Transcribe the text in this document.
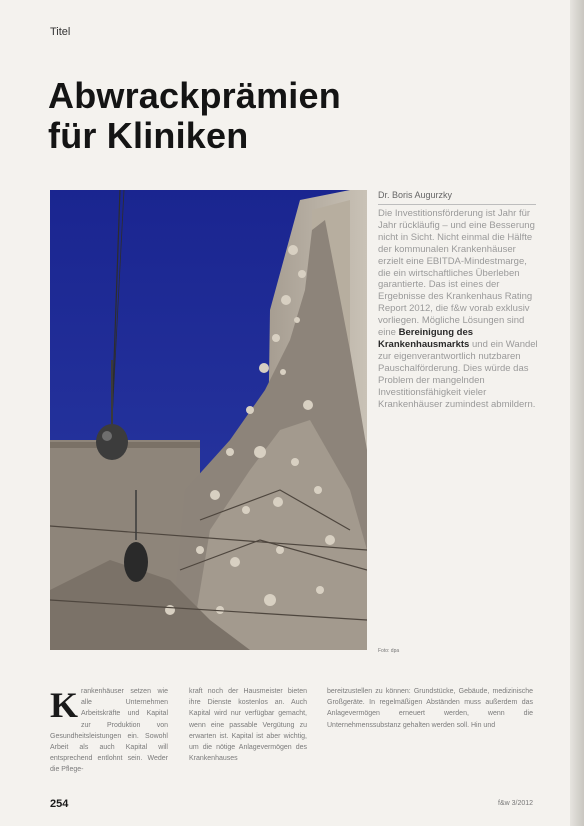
Titel
Abwrackprämien
für Kliniken
Foto: dpa
Dr. Boris Augurzky

Die Investitionsförderung ist Jahr für Jahr rückläufig – und eine Besserung nicht in Sicht. Nicht einmal die Hälfte der kommunalen Krankenhäuser erzielt eine EBITDA-Mindestmarge, die ein wirtschaftliches Überleben garantierte. Das ist eines der Ergebnisse des Krankenhaus Rating Report 2012, die f&w vorab exklusiv vorliegen. Mögliche Lösungen sind eine Bereinigung des Krankenhausmarkts und ein Wandel zur eigenverantwortlich nutzbaren Pauschalförderung. Dies würde das Problem der mangelnden Investitionsfähigkeit vieler Krankenhäuser zumindest abmildern.

Krankenhäuser setzen wie alle Unternehmen Arbeitskräfte und Kapital zur Produktion von Gesundheitsleistungen ein. Sowohl Arbeit als auch Kapital will entsprechend entlohnt sein. Weder die Pflege-

kraft noch der Hausmeister bieten ihre Dienste kostenlos an. Auch Kapital wird nur verfügbar gemacht, wenn eine passable Vergütung zu erwarten ist. Kapital ist aber wichtig, um die nötige Anlagevermögen des Krankenhauses

bereitzustellen zu können: Grundstücke, Gebäude, medizinische Großgeräte. In regelmäßigen Abständen muss außerdem das Anlagevermögen erneuert werden, wenn die Unternehmenssubstanz gehalten werden soll. Hin und

254	f&w 3/2012
